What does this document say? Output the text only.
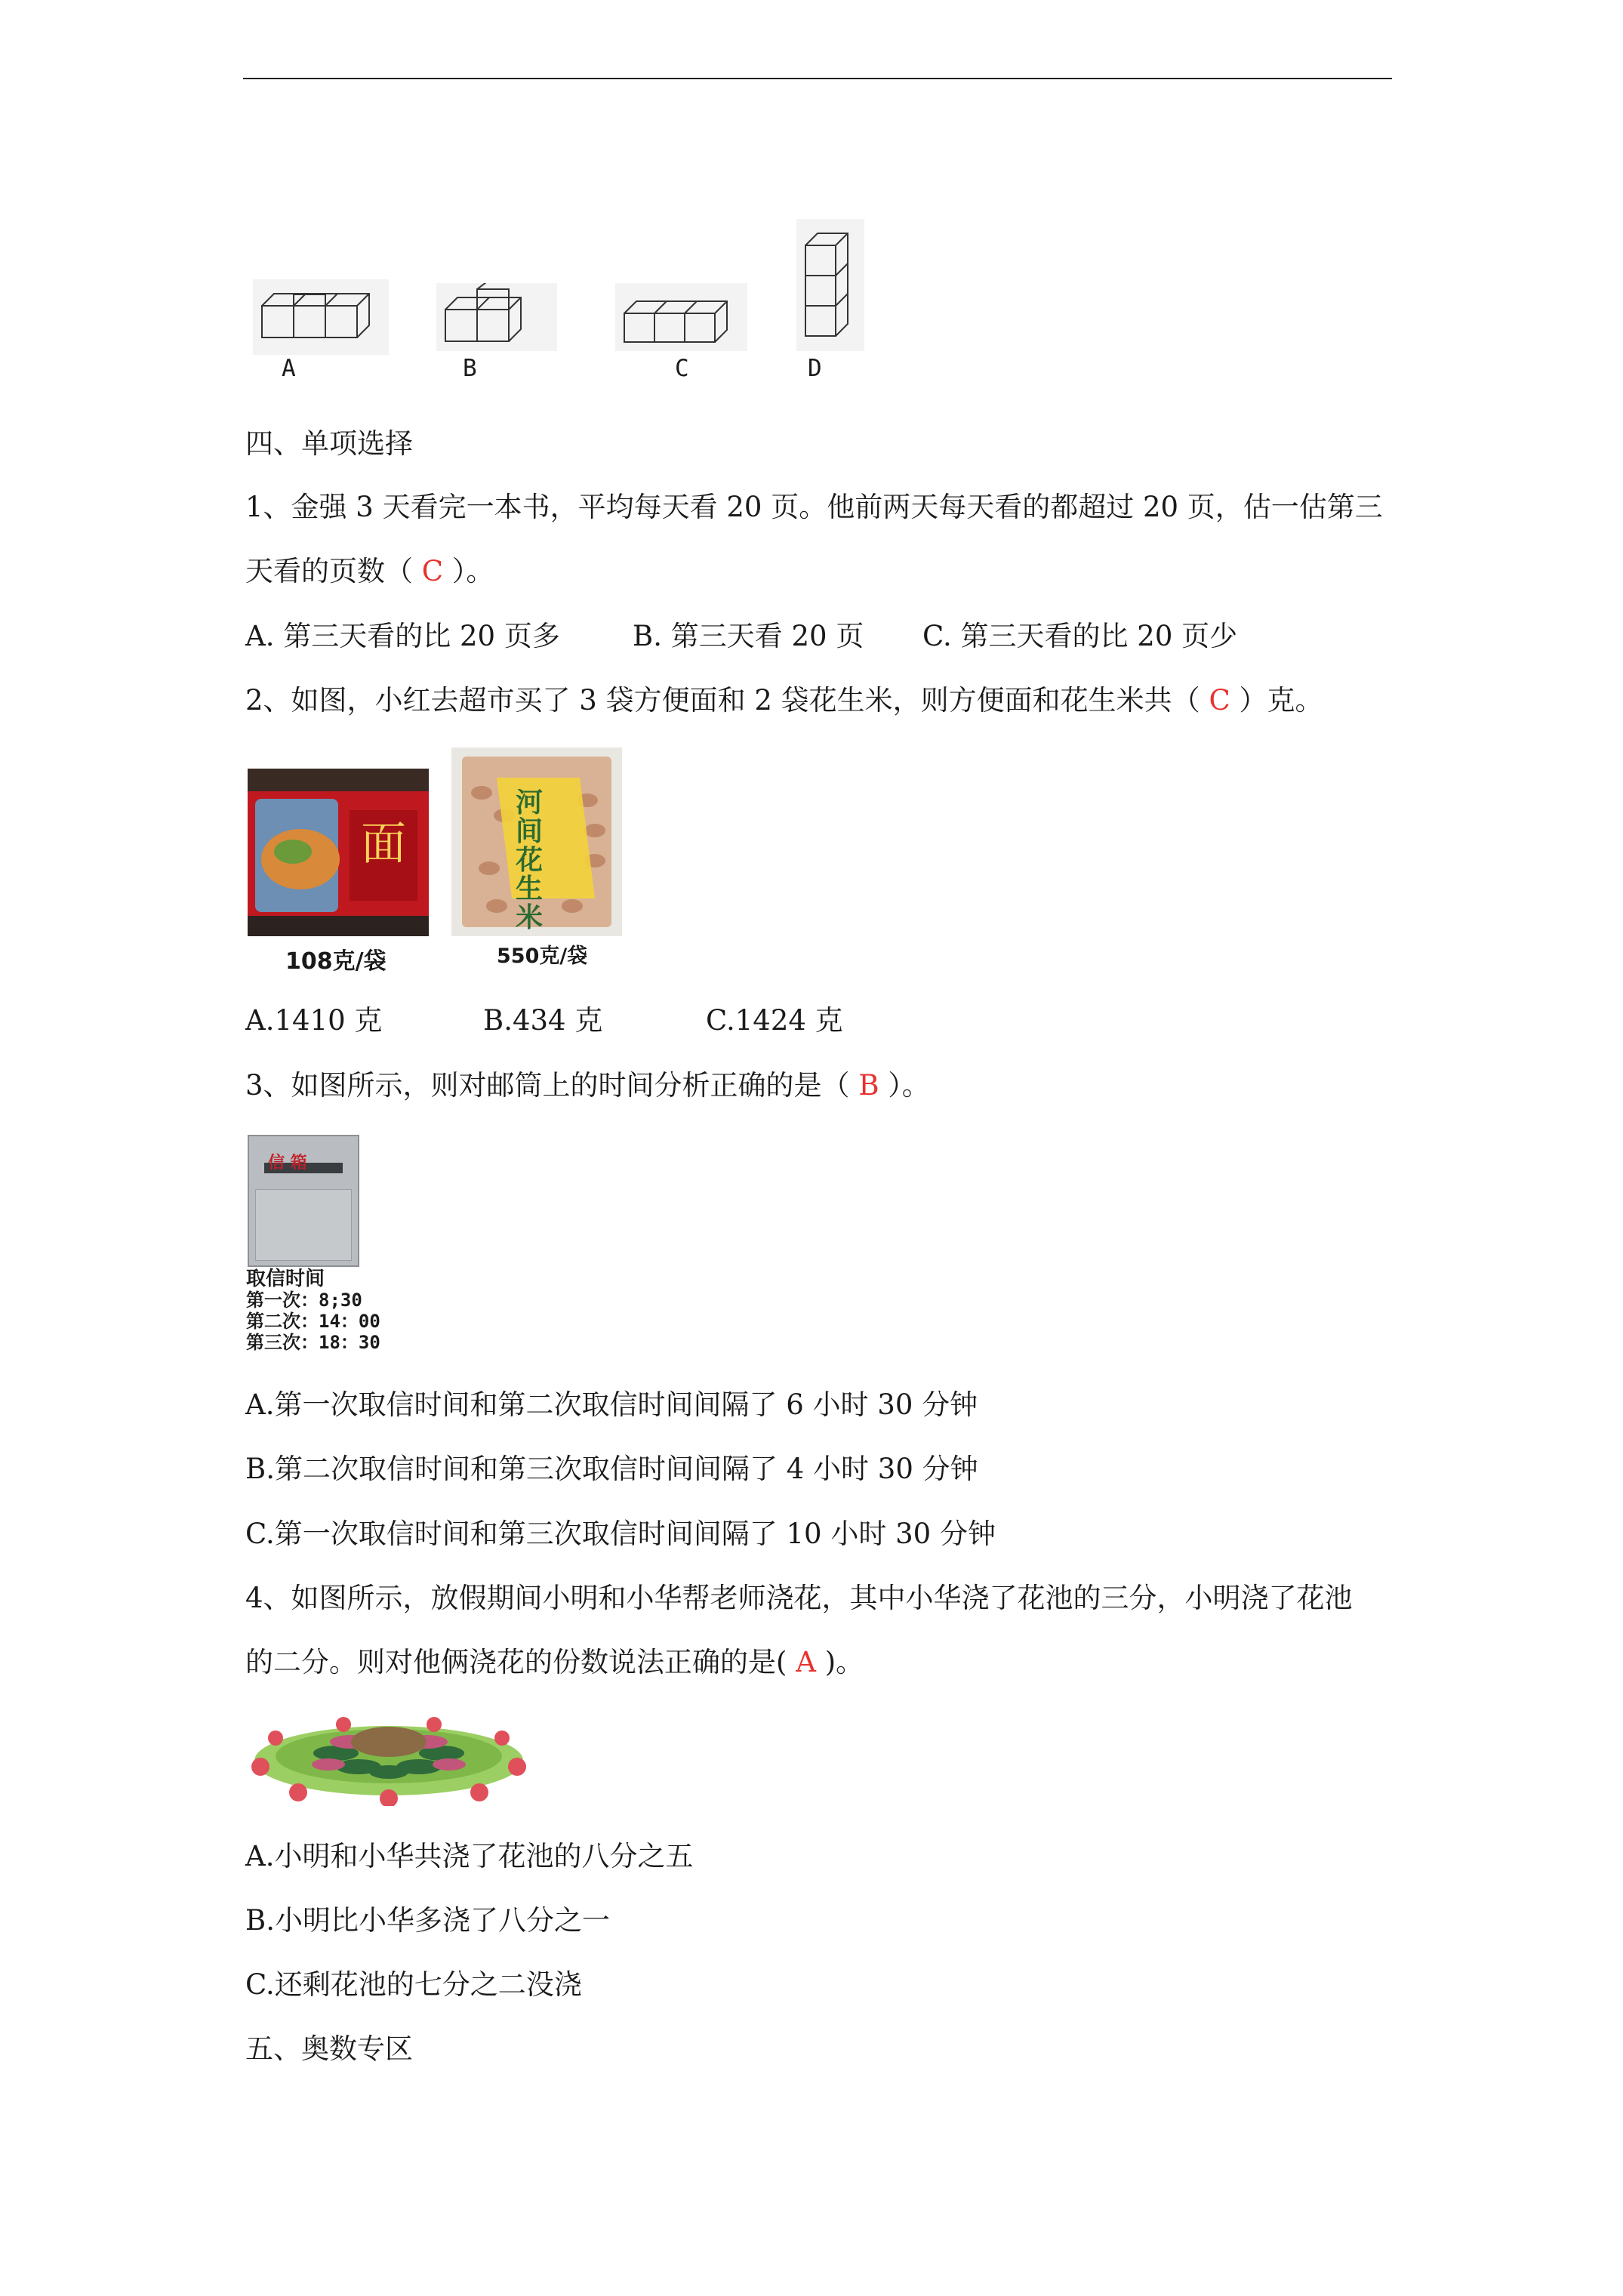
A	B	C	D
四、单项选择
1、金强 3 天看完一本书，平均每天看 20 页。他前两天每天看的都超过 20 页，估一估第三
天看的页数（ C ）。
A. 第三天看的比 20 页多	B. 第三天看 20 页 C. 第三天看的比 20 页少
2、如图，小红去超市买了 3 袋方便面和 2 袋花生米，则方便面和花生米共（ C ）克。
面
108克/袋
河间花生米
550克/袋
A.1410 克	B.434 克	C.1424 克
3、如图所示，则对邮筒上的时间分析正确的是（ B ）。
信 箱
取信时间
第一次：8;30
第二次：14：00
第三次：18：30
A.第一次取信时间和第二次取信时间间隔了 6 小时 30 分钟
B.第二次取信时间和第三次取信时间间隔了 4 小时 30 分钟
C.第一次取信时间和第三次取信时间间隔了 10 小时 30 分钟
4、如图所示，放假期间小明和小华帮老师浇花，其中小华浇了花池的三分，小明浇了花池
的二分。则对他俩浇花的份数说法正确的是( A )。
A.小明和小华共浇了花池的八分之五
B.小明比小华多浇了八分之一
C.还剩花池的七分之二没浇
五、奥数专区
